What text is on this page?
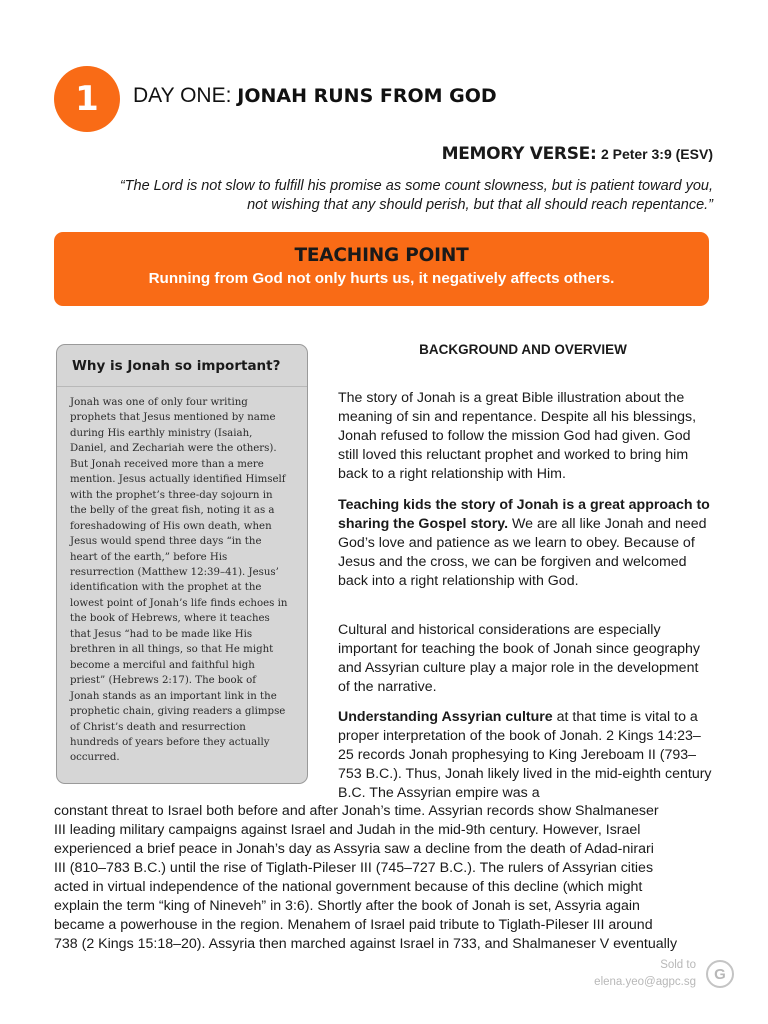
1	DAY ONE: JONAH RUNS FROM GOD
MEMORY VERSE: 2 Peter 3:9 (ESV)
“The Lord is not slow to fulfill his promise as some count slowness, but is patient toward you,
not wishing that any should perish, but that all should reach repentance.”
TEACHING POINT
Running from God not only hurts us, it negatively affects others.
Why is Jonah so important?
Jonah was one of only four writing
prophets that Jesus mentioned by name
during His earthly ministry (Isaiah,
Daniel, and Zechariah were the others).
But Jonah received more than a mere
mention. Jesus actually identified Himself
with the prophet’s three-day sojourn in
the belly of the great fish, noting it as a
foreshadowing of His own death, when
Jesus would spend three days “in the
heart of the earth,” before His
resurrection (Matthew 12:39–41). Jesus’
identification with the prophet at the
lowest point of Jonah’s life finds echoes in
the book of Hebrews, where it teaches
that Jesus “had to be made like His
brethren in all things, so that He might
become a merciful and faithful high
priest” (Hebrews 2:17). The book of
Jonah stands as an important link in the
prophetic chain, giving readers a glimpse
of Christ’s death and resurrection
hundreds of years before they actually
occurred.
BACKGROUND AND OVERVIEW

The story of Jonah is a great Bible illustration about the meaning of sin and repentance. Despite all his blessings, Jonah refused to follow the mission God had given. God still loved this reluctant prophet and worked to bring him back to a right relationship with Him.

Teaching kids the story of Jonah is a great approach to sharing the Gospel story. We are all like Jonah and need God’s love and patience as we learn to obey. Because of Jesus and the cross, we can be forgiven and welcomed back into a right relationship with God.

Cultural and historical considerations are especially important for teaching the book of Jonah since geography and Assyrian culture play a major role in the development of the narrative.

Understanding Assyrian culture at that time is vital to a proper interpretation of the book of Jonah. 2 Kings 14:23–25 records Jonah prophesying to King Jereboam II (793–753 B.C.). Thus, Jonah likely lived in the mid-eighth century B.C. The Assyrian empire was a

constant threat to Israel both before and after Jonah’s time. Assyrian records show Shalmaneser
III leading military campaigns against Israel and Judah in the mid-9th century. However, Israel
experienced a brief peace in Jonah’s day as Assyria saw a decline from the death of Adad-nirari
III (810–783 B.C.) until the rise of Tiglath-Pileser III (745–727 B.C.). The rulers of Assyrian cities
acted in virtual independence of the national government because of this decline (which might
explain the term “king of Nineveh” in 3:6). Shortly after the book of Jonah is set, Assyria again
became a powerhouse in the region. Menahem of Israel paid tribute to Tiglath-Pileser III around
738 (2 Kings 15:18–20). Assyria then marched against Israel in 733, and Shalmaneser V eventually
Sold to
elena.yeo@agpc.sg	G
